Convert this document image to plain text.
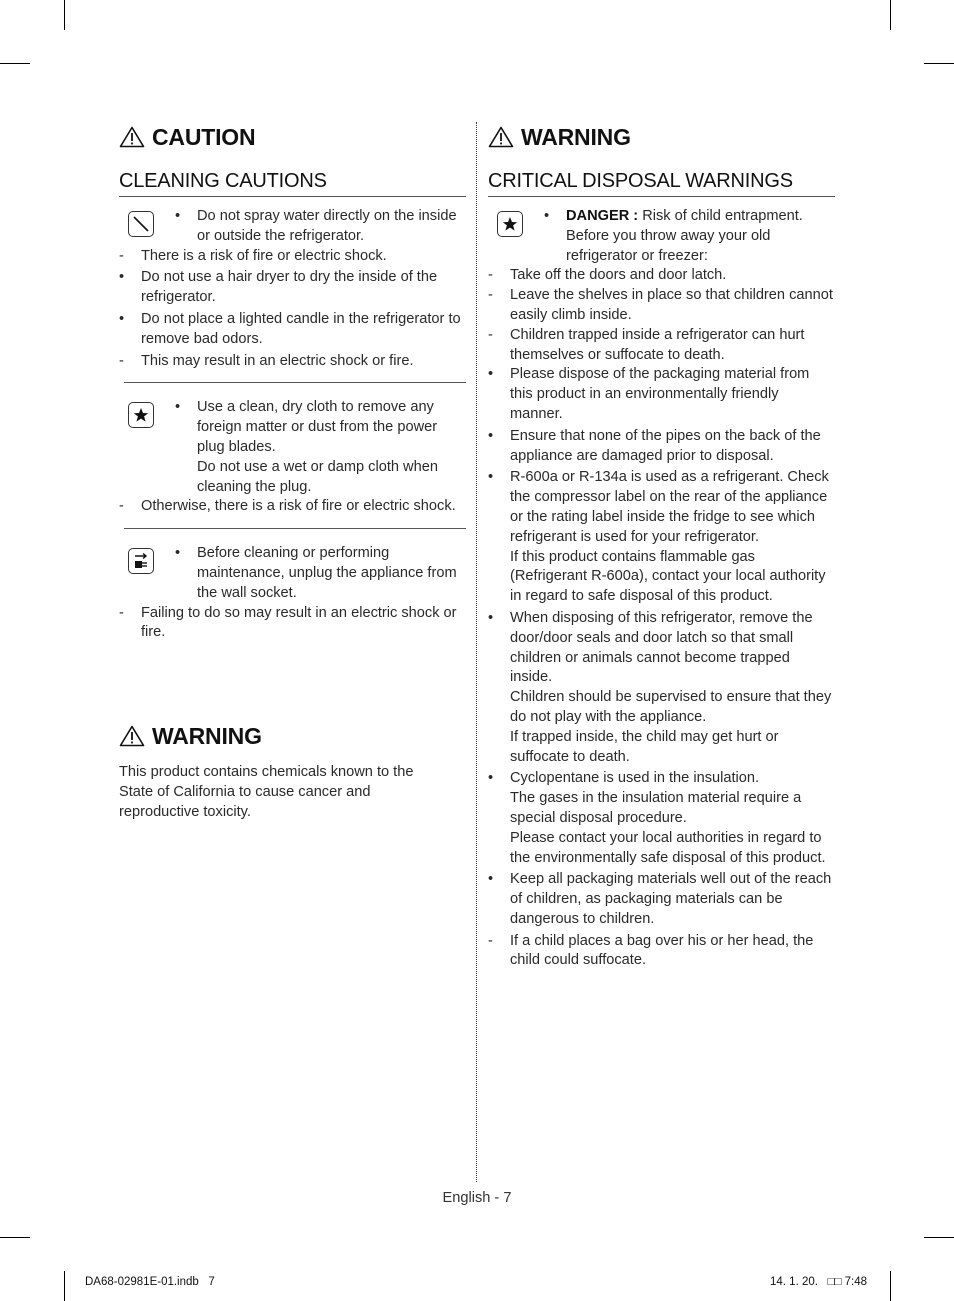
CAUTION
CLEANING CAUTIONS
•	Do not spray water directly on the inside or outside the refrigerator.
-	There is a risk of fire or electric shock.
•	Do not use a hair dryer to dry the inside of the refrigerator.
•	Do not place a lighted candle in the refrigerator to remove bad odors.
-	This may result in an electric shock or fire.
•	Use a clean, dry cloth to remove any foreign matter or dust from the power plug blades.
Do not use a wet or damp cloth when cleaning the plug.
-	Otherwise, there is a risk of fire or electric shock.
•	Before cleaning or performing maintenance, unplug the appliance from the wall socket.
-	Failing to do so may result in an electric shock or fire.
WARNING
This product contains chemicals known to the State of California to cause cancer and reproductive toxicity.
WARNING
CRITICAL DISPOSAL WARNINGS
•	DANGER : Risk of child entrapment.
Before you throw away your old refrigerator or freezer:
-	Take off the doors and door latch.
-	Leave the shelves in place so that children cannot easily climb inside.
-	Children trapped inside a refrigerator can hurt themselves or suffocate to death.
•	Please dispose of the packaging material from this product in an environmentally friendly manner.
•	Ensure that none of the pipes on the back of the appliance are damaged prior to disposal.
•	R-600a or R-134a is used as a refrigerant. Check the compressor label on the rear of the appliance or the rating label inside the fridge to see which refrigerant is used for your refrigerator.
If this product contains flammable gas (Refrigerant R-600a), contact your local authority in regard to safe disposal of this product.
•	When disposing of this refrigerator, remove the door/door seals and door latch so that small children or animals cannot become trapped inside.
Children should be supervised to ensure that they do not play with the appliance.
If trapped inside, the child may get hurt or suffocate to death.
•	Cyclopentane is used in the insulation.
The gases in the insulation material require a special disposal procedure.
Please contact your local authorities in regard to the environmentally safe disposal of this product.
•	Keep all packaging materials well out of the reach of children, as packaging materials can be dangerous to children.
-	If a child places a bag over his or her head, the child could suffocate.
English - 7
DA68-02981E-01.indb   7	14. 1. 20.   □□ 7:48
